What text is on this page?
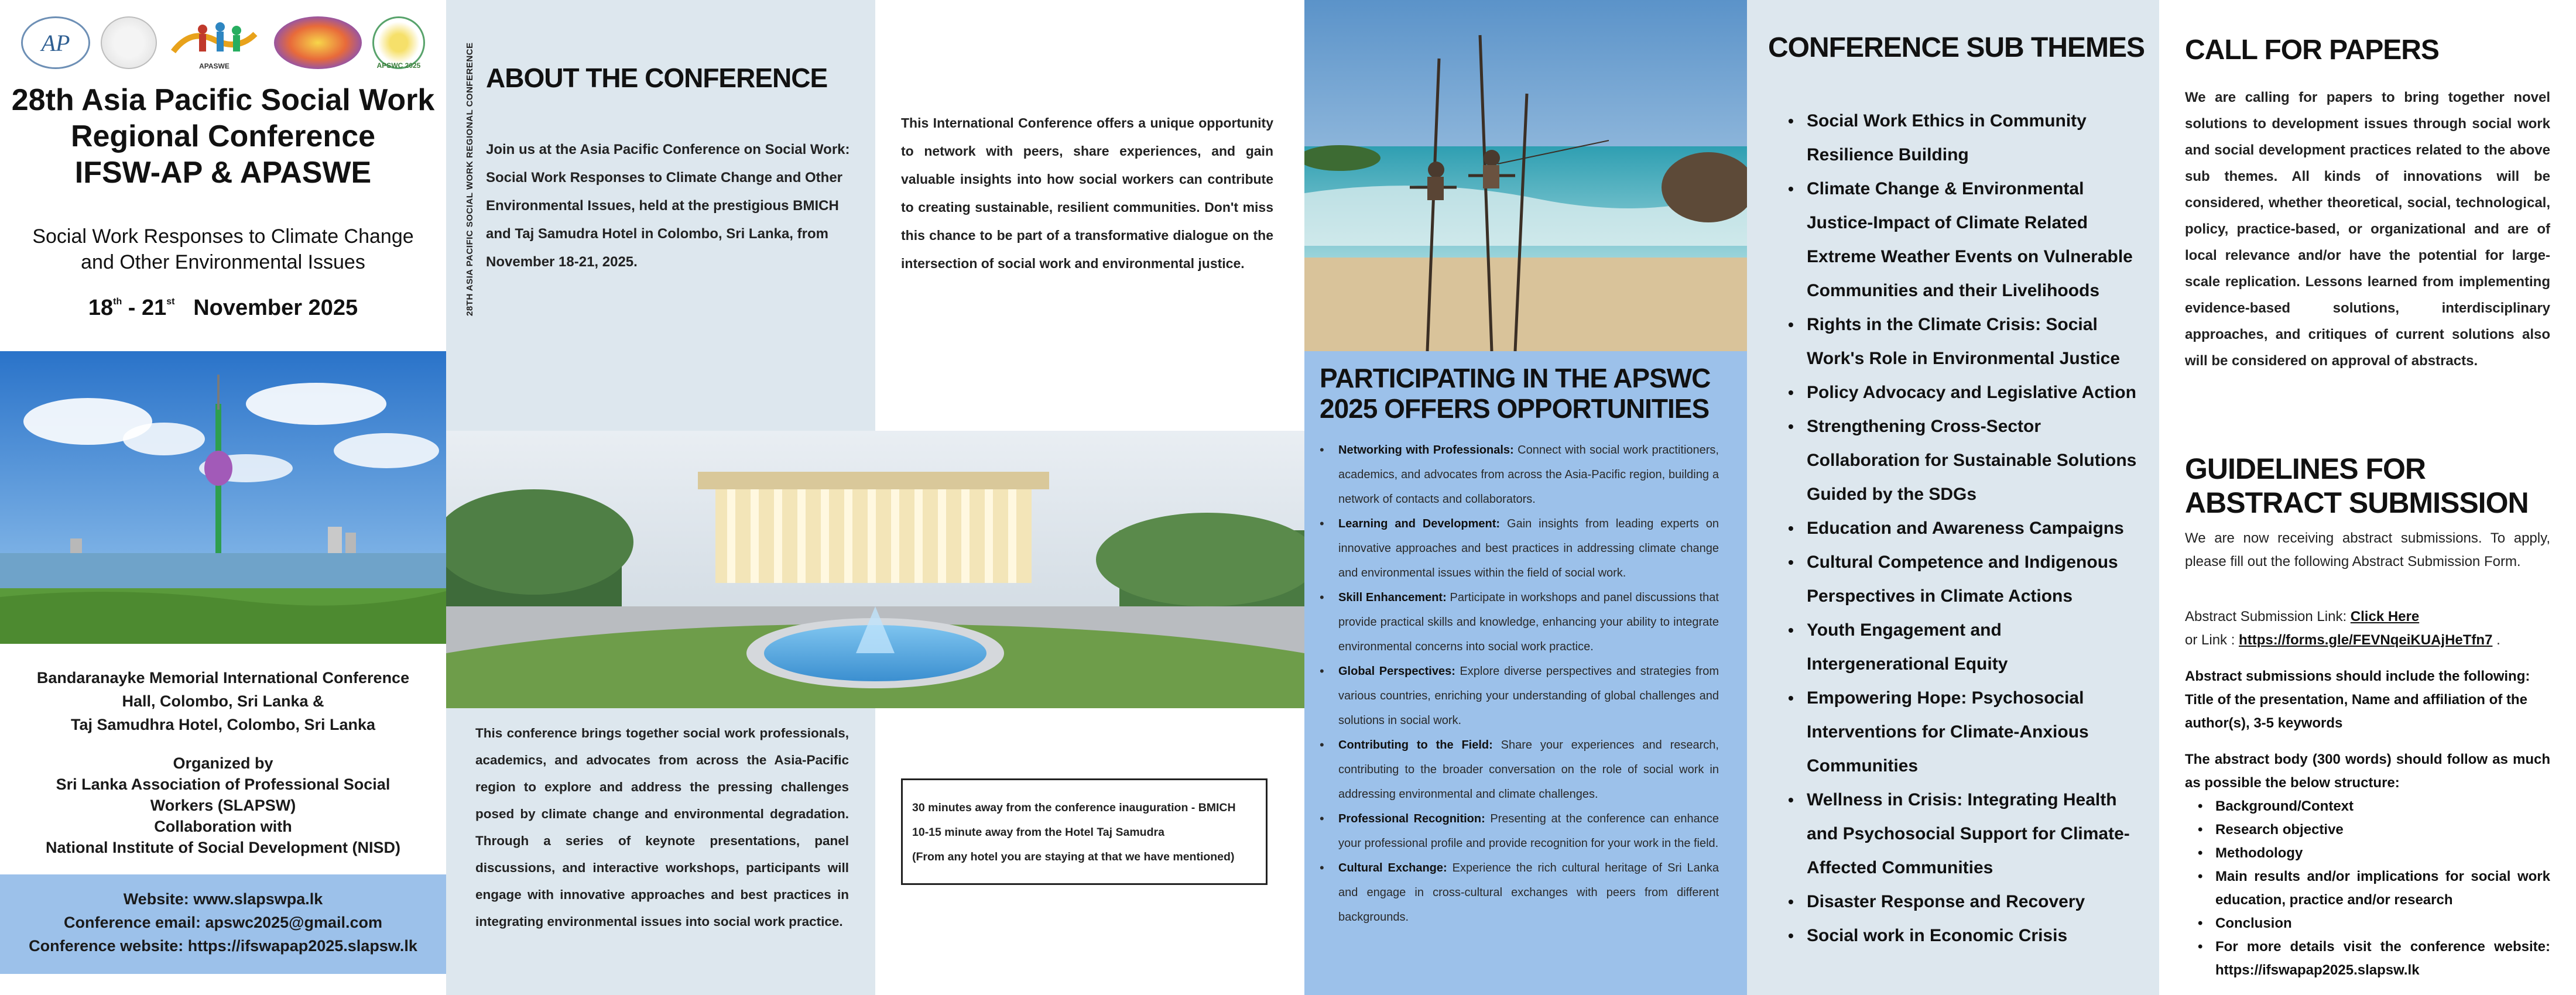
AP
APASWE	APSWC 2025
28th Asia Pacific Social Work
Regional Conference
IFSW-AP & APASWE
Social Work Responses to Climate Change
and Other Environmental Issues
18th - 21st November 2025
Bandaranayke Memorial International Conference
Hall, Colombo, Sri Lanka &
Taj Samudhra Hotel, Colombo, Sri Lanka
Organized by
Sri Lanka Association of Professional Social
Workers (SLAPSW)
Collaboration with
National Institute of Social Development (NISD)
Website: www.slapswpa.lk
Conference email: apswc2025@gmail.com
Conference website: https://ifswapap2025.slapsw.lk
28TH ASIA PACIFIC SOCIAL WORK REGIONAL CONFERENCE ABOUT THE CONFERENCE
Join us at the Asia Pacific Conference on Social Work: Social Work Responses to Climate Change and Other Environmental Issues, held at the prestigious BMICH and Taj Samudra Hotel in Colombo, Sri Lanka, from November 18-21, 2025.
This conference brings together social work professionals, academics, and advocates from across the Asia-Pacific region to explore and address the pressing challenges posed by climate change and environmental degradation. Through a series of keynote presentations, panel discussions, and interactive workshops, participants will engage with innovative approaches and best practices in integrating environmental issues into social work practice.
This International Conference offers a unique opportunity to network with peers, share experiences, and gain valuable insights into how social workers can contribute to creating sustainable, resilient communities. Don't miss this chance to be part of a transformative dialogue on the intersection of social work and environmental justice.
30 minutes away from the conference inauguration - BMICH
10-15 minute away from the Hotel Taj Samudra
(From any hotel you are staying at that we have mentioned)
PARTICIPATING IN THE APSWC 2025 OFFERS OPPORTUNITIES
• Networking with Professionals: Connect with social work practitioners, academics, and advocates from across the Asia-Pacific region, building a network of contacts and collaborators.
• Learning and Development: Gain insights from leading experts on innovative approaches and best practices in addressing climate change and environmental issues within the field of social work.
• Skill Enhancement: Participate in workshops and panel discussions that provide practical skills and knowledge, enhancing your ability to integrate environmental concerns into social work practice.
• Global Perspectives: Explore diverse perspectives and strategies from various countries, enriching your understanding of global challenges and solutions in social work.
• Contributing to the Field: Share your experiences and research, contributing to the broader conversation on the role of social work in addressing environmental and climate challenges.
• Professional Recognition: Presenting at the conference can enhance your professional profile and provide recognition for your work in the field.
• Cultural Exchange: Experience the rich cultural heritage of Sri Lanka and engage in cross-cultural exchanges with peers from different backgrounds.
CONFERENCE SUB THEMES
• Social Work Ethics in Community Resilience Building
• Climate Change & Environmental Justice-Impact of Climate Related Extreme Weather Events on Vulnerable Communities and their Livelihoods
• Rights in the Climate Crisis: Social Work's Role in Environmental Justice
• Policy Advocacy and Legislative Action
• Strengthening Cross-Sector Collaboration for Sustainable Solutions Guided by the SDGs
• Education and Awareness Campaigns
• Cultural Competence and Indigenous Perspectives in Climate Actions
• Youth Engagement and Intergenerational Equity
• Empowering Hope: Psychosocial Interventions for Climate-Anxious Communities
• Wellness in Crisis: Integrating Health and Psychosocial Support for Climate-Affected Communities
• Disaster Response and Recovery
• Social work in Economic Crisis
CALL FOR PAPERS
We are calling for papers to bring together novel solutions to development issues through social work and social development practices related to the above sub themes. All kinds of innovations will be considered, whether theoretical, social, technological, policy, practice-based, or organizational and are of local relevance and/or have the potential for large-scale replication. Lessons learned from implementing evidence-based solutions, interdisciplinary approaches, and critiques of current solutions also will be considered on approval of abstracts.
GUIDELINES FOR
ABSTRACT SUBMISSION
We are now receiving abstract submissions. To apply, please fill out the following Abstract Submission Form.
Abstract Submission Link: Click Here
or Link : https://forms.gle/FEVNqeiKUAjHeTfn7 .
Abstract submissions should include the following: Title of the presentation, Name and affiliation of the author(s), 3-5 keywords
The abstract body (300 words) should follow as much as possible the below structure:
• Background/Context
• Research objective
• Methodology
• Main results and/or implications for social work education, practice and/or research
• Conclusion
• For more details visit the conference website: https://ifswapap2025.slapsw.lk
